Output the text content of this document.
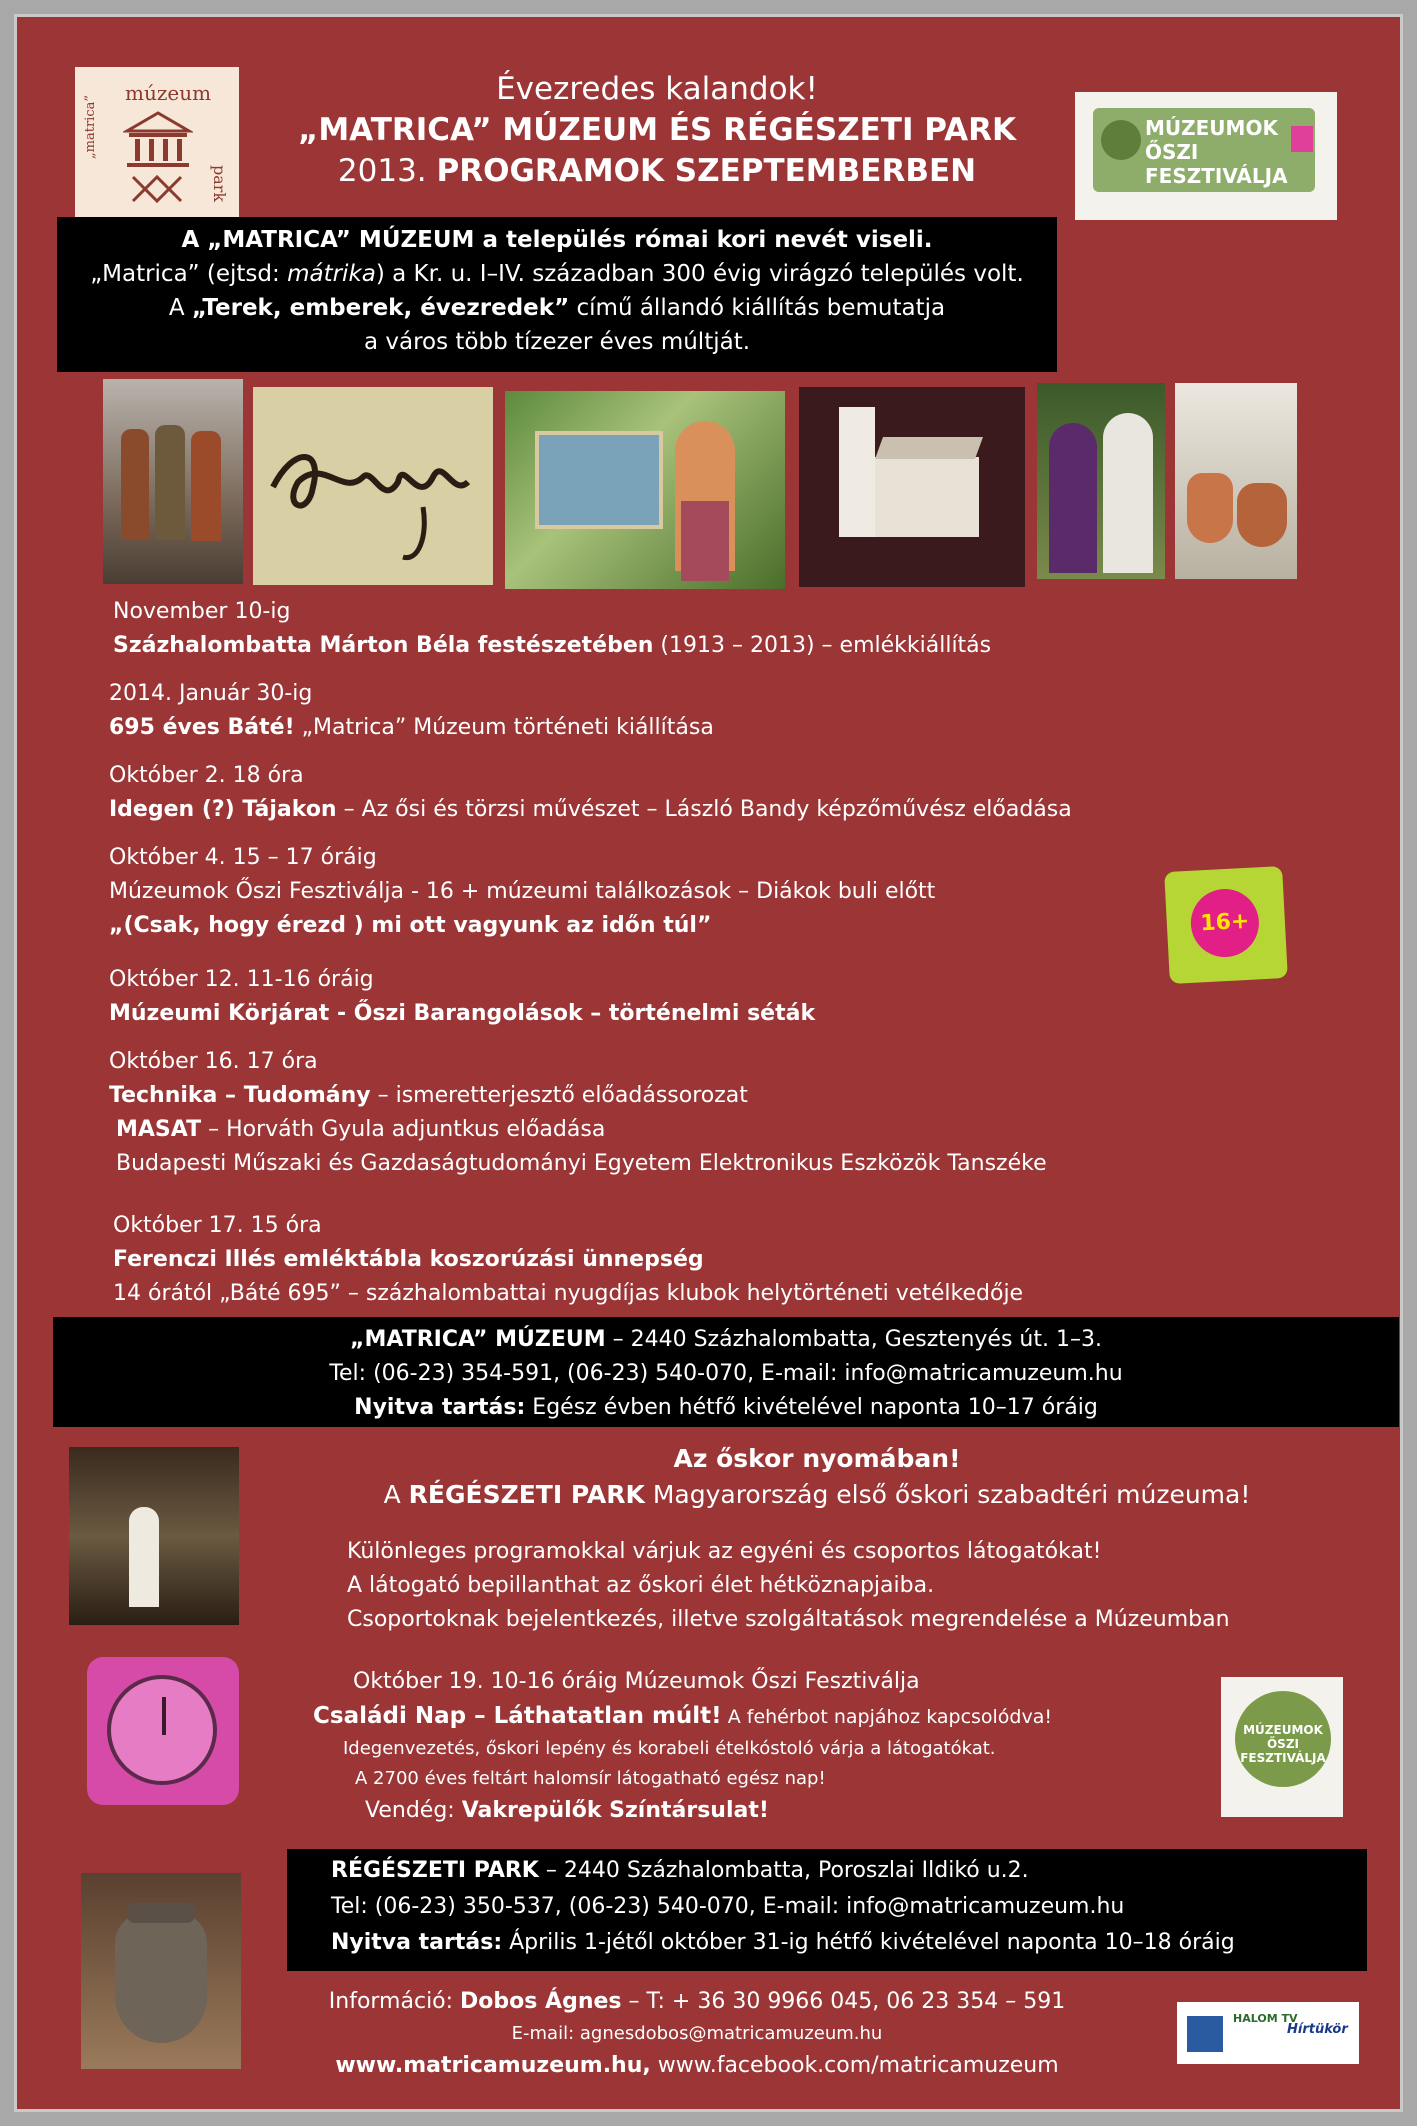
múzeum
„matrica”
park
MÚZEUMOK
ŐSZI FESZTIVÁLJA
Évezredes kalandok!
„MATRICA” MÚZEUM ÉS RÉGÉSZETI PARK
2013. PROGRAMOK SZEPTEMBERBEN
A „MATRICA” MÚZEUM a település római kori nevét viseli.
„Matrica” (ejtsd: mátrika) a Kr. u. I–IV. században 300 évig virágzó település volt.
A „Terek, emberek, évezredek” című állandó kiállítás bemutatja
a város több tízezer éves múltját.
November 10-ig
Százhalombatta Márton Béla festészetében (1913 – 2013) – emlékkiállítás
2014. Január 30-ig
695 éves Báté! „Matrica” Múzeum történeti kiállítása
Október 2. 18 óra
Idegen (?) Tájakon – Az ősi és törzsi művészet – László Bandy képzőművész előadása
Október 4. 15 – 17 óráig
Múzeumok Őszi Fesztiválja - 16 + múzeumi találkozások – Diákok buli előtt
„(Csak, hogy érezd ) mi ott vagyunk az időn túl”
Október 12. 11-16 óráig
Múzeumi Körjárat - Őszi Barangolások – történelmi séták
Október 16. 17 óra
Technika – Tudomány – ismeretterjesztő előadássorozat
MASAT – Horváth Gyula adjuntkus előadása
Budapesti Műszaki és Gazdaságtudományi Egyetem Elektronikus Eszközök Tanszéke
Október 17. 15 óra
Ferenczi Illés emléktábla koszorúzási ünnepség
14 órától „Báté 695” – százhalombattai nyugdíjas klubok helytörténeti vetélkedője
16+
„MATRICA” MÚZEUM – 2440 Százhalombatta, Gesztenyés út. 1–3.
Tel: (06-23) 354-591, (06-23) 540-070, E-mail: info@matricamuzeum.hu
Nyitva tartás: Egész évben hétfő kivételével naponta 10–17 óráig
Az őskor nyomában!
A RÉGÉSZETI PARK Magyarország első őskori szabadtéri múzeuma!
Különleges programokkal várjuk az egyéni és csoportos látogatókat!
A látogató bepillanthat az őskori élet hétköznapjaiba.
Csoportoknak bejelentkezés, illetve szolgáltatások megrendelése a Múzeumban
Október 19. 10-16 óráig Múzeumok Őszi Fesztiválja
Családi Nap – Láthatatlan múlt! A fehérbot napjához kapcsolódva!
Idegenvezetés, őskori lepény és korabeli ételkóstoló várja a látogatókat.
A 2700 éves feltárt halomsír látogatható egész nap!
Vendég: Vakrepülők Színtársulat!
MÚZEUMOK ŐSZI FESZTIVÁLJA
RÉGÉSZETI PARK – 2440 Százhalombatta, Poroszlai Ildikó u.2.
Tel: (06-23) 350-537, (06-23) 540-070, E-mail: info@matricamuzeum.hu
Nyitva tartás: Április 1-jétől október 31-ig hétfő kivételével naponta 10–18 óráig
Információ: Dobos Ágnes – T: + 36 30 9966 045, 06 23 354 – 591
E-mail: agnesdobos@matricamuzeum.hu
www.matricamuzeum.hu, www.facebook.com/matricamuzeum
HALOM TV
Hírtükör
